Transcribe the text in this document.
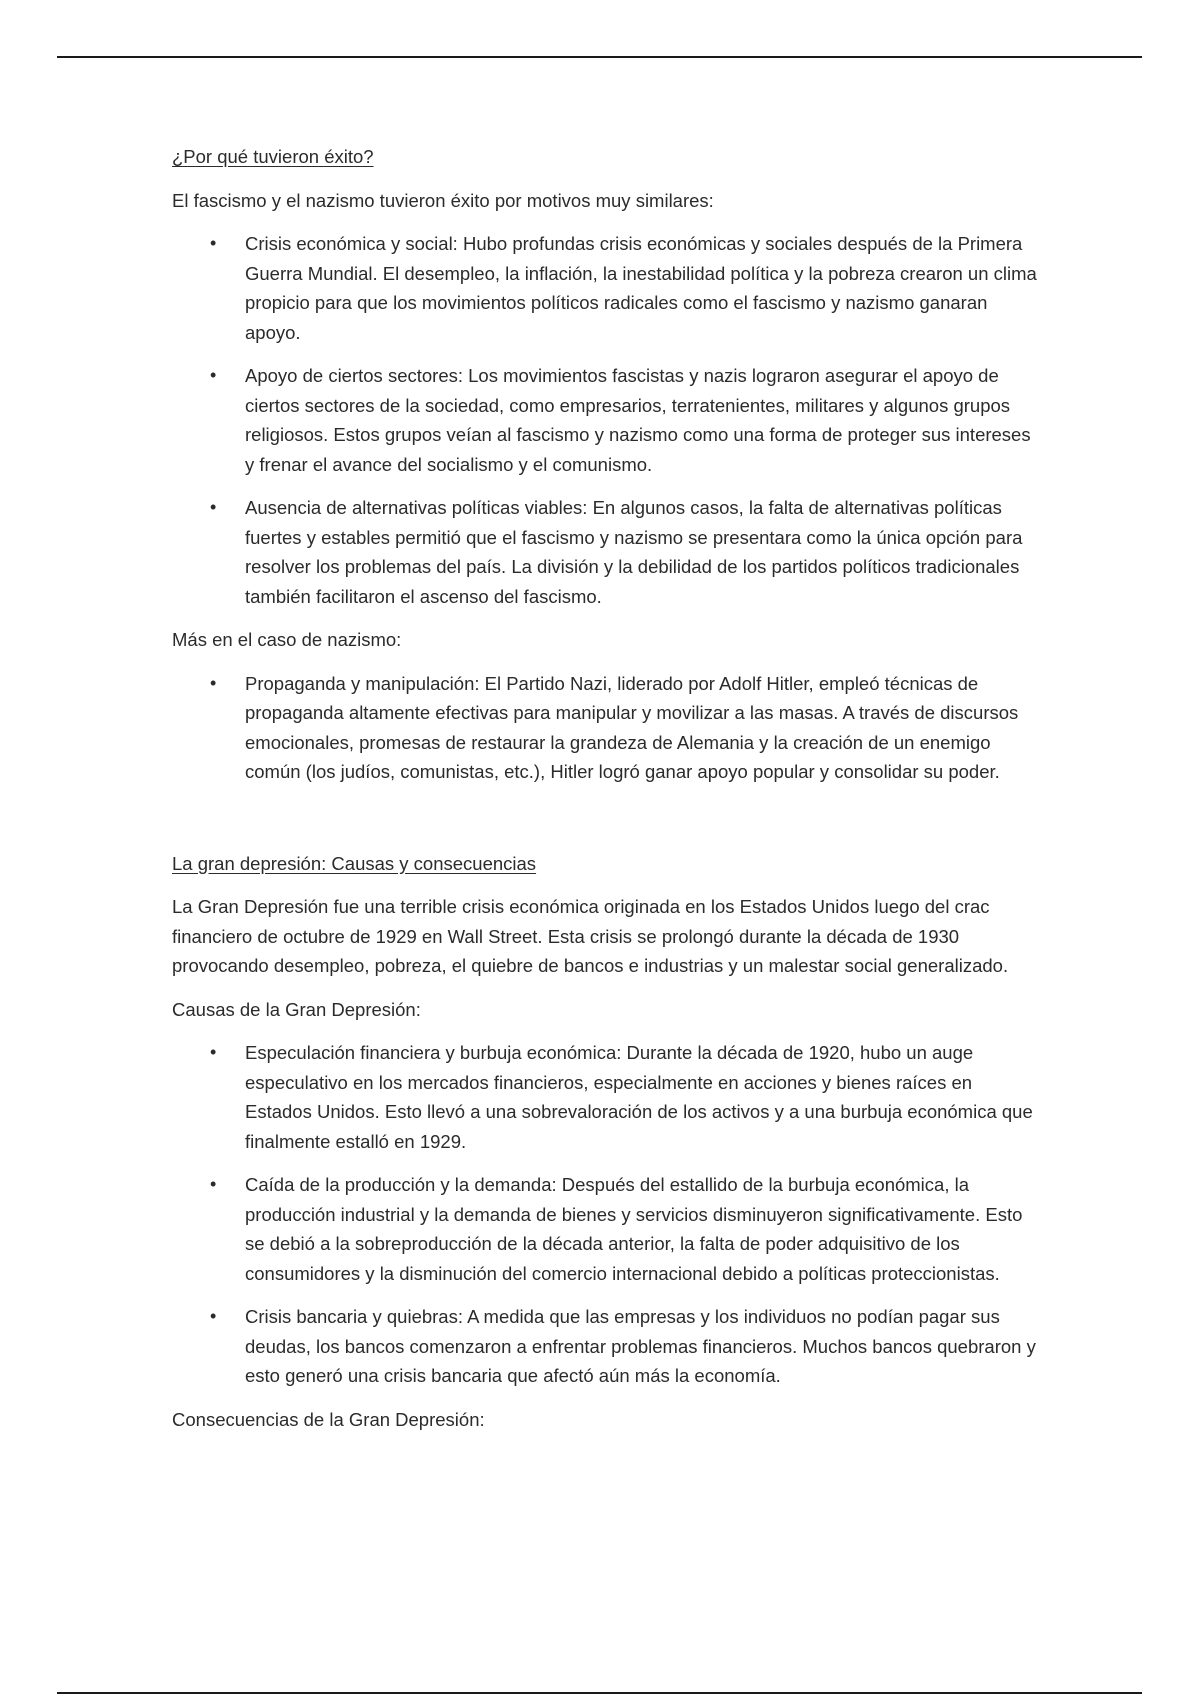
¿Por qué tuvieron éxito?

El fascismo y el nazismo tuvieron éxito por motivos muy similares:

• Crisis económica y social: Hubo profundas crisis económicas y sociales después de la Primera Guerra Mundial. El desempleo, la inflación, la inestabilidad política y la pobreza crearon un clima propicio para que los movimientos políticos radicales como el fascismo y nazismo ganaran apoyo.
• Apoyo de ciertos sectores: Los movimientos fascistas y nazis lograron asegurar el apoyo de ciertos sectores de la sociedad, como empresarios, terratenientes, militares y algunos grupos religiosos. Estos grupos veían al fascismo y nazismo como una forma de proteger sus intereses y frenar el avance del socialismo y el comunismo.
• Ausencia de alternativas políticas viables: En algunos casos, la falta de alternativas políticas fuertes y estables permitió que el fascismo y nazismo se presentara como la única opción para resolver los problemas del país. La división y la debilidad de los partidos políticos tradicionales también facilitaron el ascenso del fascismo.

Más en el caso de nazismo:

• Propaganda y manipulación: El Partido Nazi, liderado por Adolf Hitler, empleó técnicas de propaganda altamente efectivas para manipular y movilizar a las masas. A través de discursos emocionales, promesas de restaurar la grandeza de Alemania y la creación de un enemigo común (los judíos, comunistas, etc.), Hitler logró ganar apoyo popular y consolidar su poder.

La gran depresión: Causas y consecuencias

La Gran Depresión fue una terrible crisis económica originada en los Estados Unidos luego del crac financiero de octubre de 1929 en Wall Street. Esta crisis se prolongó durante la década de 1930 provocando desempleo, pobreza, el quiebre de bancos e industrias y un malestar social generalizado.

Causas de la Gran Depresión:

• Especulación financiera y burbuja económica: Durante la década de 1920, hubo un auge especulativo en los mercados financieros, especialmente en acciones y bienes raíces en Estados Unidos. Esto llevó a una sobrevaloración de los activos y a una burbuja económica que finalmente estalló en 1929.
• Caída de la producción y la demanda: Después del estallido de la burbuja económica, la producción industrial y la demanda de bienes y servicios disminuyeron significativamente. Esto se debió a la sobreproducción de la década anterior, la falta de poder adquisitivo de los consumidores y la disminución del comercio internacional debido a políticas proteccionistas.
• Crisis bancaria y quiebras: A medida que las empresas y los individuos no podían pagar sus deudas, los bancos comenzaron a enfrentar problemas financieros. Muchos bancos quebraron y esto generó una crisis bancaria que afectó aún más la economía.

Consecuencias de la Gran Depresión:
